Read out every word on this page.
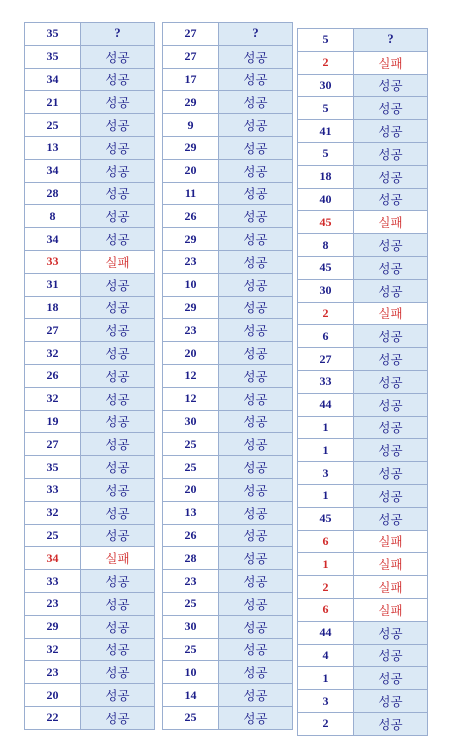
35	?
35	성공
34	성공
21	성공
25	성공
13	성공
34	성공
28	성공
8	성공
34	성공
33	실패
31	성공
18	성공
27	성공
32	성공
26	성공
32	성공
19	성공
27	성공
35	성공
33	성공
32	성공
25	성공
34	실패
33	성공
23	성공
29	성공
32	성공
23	성공
20	성공
22	성공
27	?
27	성공
17	성공
29	성공
9	성공
29	성공
20	성공
11	성공
26	성공
29	성공
23	성공
10	성공
29	성공
23	성공
20	성공
12	성공
12	성공
30	성공
25	성공
25	성공
20	성공
13	성공
26	성공
28	성공
23	성공
25	성공
30	성공
25	성공
10	성공
14	성공
25	성공
5	?
2	실패
30	성공
5	성공
41	성공
5	성공
18	성공
40	성공
45	실패
8	성공
45	성공
30	성공
2	실패
6	성공
27	성공
33	성공
44	성공
1	성공
1	성공
3	성공
1	성공
45	성공
6	실패
1	실패
2	실패
6	실패
44	성공
4	성공
1	성공
3	성공
2	성공
